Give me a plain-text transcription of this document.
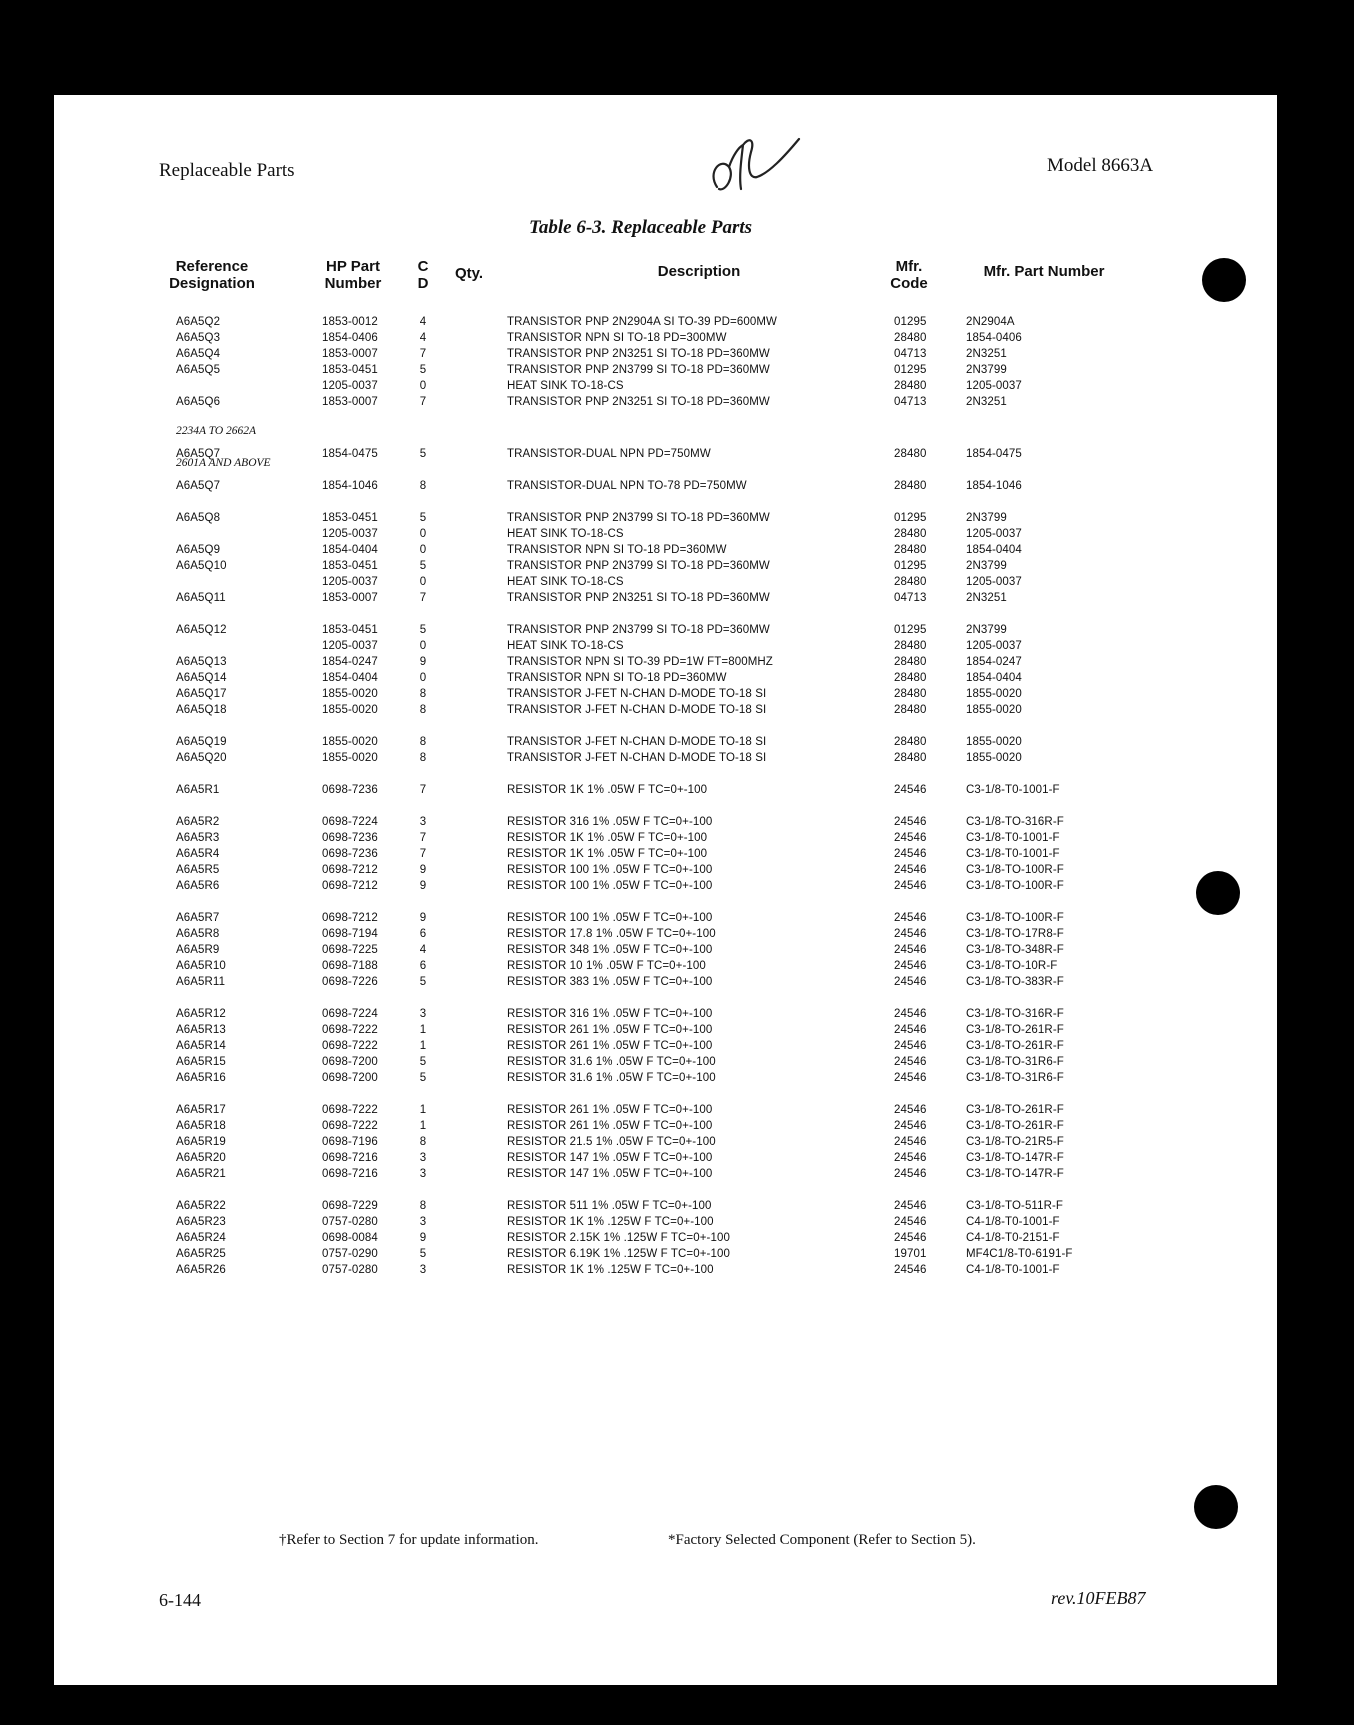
Replaceable Parts	Model 8663A
Table 6-3. Replaceable Parts
Reference Designation
HP Part Number
C D
Qty.	Description	Mfr. Code
Mfr. Part Number
2234A TO 2662A
2601A AND ABOVE
A6A5Q2	1853-0012	4	TRANSISTOR PNP 2N2904A SI TO-39 PD=600MW	01295	2N2904A
A6A5Q3	1854-0406	4	TRANSISTOR NPN SI TO-18 PD=300MW	28480	1854-0406
A6A5Q4	1853-0007	7	TRANSISTOR PNP 2N3251 SI TO-18 PD=360MW	04713	2N3251
A6A5Q5	1853-0451	5	TRANSISTOR PNP 2N3799 SI TO-18 PD=360MW	01295	2N3799
1205-0037	0	HEAT SINK TO-18-CS	28480	1205-0037
A6A5Q6	1853-0007	7	TRANSISTOR PNP 2N3251 SI TO-18 PD=360MW	04713	2N3251
A6A5Q7	1854-0475	5	TRANSISTOR-DUAL NPN PD=750MW	28480	1854-0475
A6A5Q7	1854-1046	8	TRANSISTOR-DUAL NPN TO-78 PD=750MW	28480	1854-1046
A6A5Q8	1853-0451	5	TRANSISTOR PNP 2N3799 SI TO-18 PD=360MW	01295	2N3799
1205-0037	0	HEAT SINK TO-18-CS	28480	1205-0037
A6A5Q9	1854-0404	0	TRANSISTOR NPN SI TO-18 PD=360MW	28480	1854-0404
A6A5Q10	1853-0451	5	TRANSISTOR PNP 2N3799 SI TO-18 PD=360MW	01295	2N3799
1205-0037	0	HEAT SINK TO-18-CS	28480	1205-0037
A6A5Q11	1853-0007	7	TRANSISTOR PNP 2N3251 SI TO-18 PD=360MW	04713	2N3251
A6A5Q12	1853-0451	5	TRANSISTOR PNP 2N3799 SI TO-18 PD=360MW	01295	2N3799
1205-0037	0	HEAT SINK TO-18-CS	28480	1205-0037
A6A5Q13	1854-0247	9	TRANSISTOR NPN SI TO-39 PD=1W FT=800MHZ	28480	1854-0247
A6A5Q14	1854-0404	0	TRANSISTOR NPN SI TO-18 PD=360MW	28480	1854-0404
A6A5Q17	1855-0020	8	TRANSISTOR J-FET N-CHAN D-MODE TO-18 SI	28480	1855-0020
A6A5Q18	1855-0020	8	TRANSISTOR J-FET N-CHAN D-MODE TO-18 SI	28480	1855-0020
A6A5Q19	1855-0020	8	TRANSISTOR J-FET N-CHAN D-MODE TO-18 SI	28480	1855-0020
A6A5Q20	1855-0020	8	TRANSISTOR J-FET N-CHAN D-MODE TO-18 SI	28480	1855-0020
A6A5R1	0698-7236	7	RESISTOR 1K 1% .05W F TC=0+-100	24546	C3-1/8-T0-1001-F
A6A5R2	0698-7224	3	RESISTOR 316 1% .05W F TC=0+-100	24546	C3-1/8-TO-316R-F
A6A5R3	0698-7236	7	RESISTOR 1K 1% .05W F TC=0+-100	24546	C3-1/8-T0-1001-F
A6A5R4	0698-7236	7	RESISTOR 1K 1% .05W F TC=0+-100	24546	C3-1/8-T0-1001-F
A6A5R5	0698-7212	9	RESISTOR 100 1% .05W F TC=0+-100	24546	C3-1/8-TO-100R-F
A6A5R6	0698-7212	9	RESISTOR 100 1% .05W F TC=0+-100	24546	C3-1/8-TO-100R-F
A6A5R7	0698-7212	9	RESISTOR 100 1% .05W F TC=0+-100	24546	C3-1/8-TO-100R-F
A6A5R8	0698-7194	6	RESISTOR 17.8 1% .05W F TC=0+-100	24546	C3-1/8-TO-17R8-F
A6A5R9	0698-7225	4	RESISTOR 348 1% .05W F TC=0+-100	24546	C3-1/8-TO-348R-F
A6A5R10	0698-7188	6	RESISTOR 10 1% .05W F TC=0+-100	24546	C3-1/8-TO-10R-F
A6A5R11	0698-7226	5	RESISTOR 383 1% .05W F TC=0+-100	24546	C3-1/8-TO-383R-F
A6A5R12	0698-7224	3	RESISTOR 316 1% .05W F TC=0+-100	24546	C3-1/8-TO-316R-F
A6A5R13	0698-7222	1	RESISTOR 261 1% .05W F TC=0+-100	24546	C3-1/8-TO-261R-F
A6A5R14	0698-7222	1	RESISTOR 261 1% .05W F TC=0+-100	24546	C3-1/8-TO-261R-F
A6A5R15	0698-7200	5	RESISTOR 31.6 1% .05W F TC=0+-100	24546	C3-1/8-TO-31R6-F
A6A5R16	0698-7200	5	RESISTOR 31.6 1% .05W F TC=0+-100	24546	C3-1/8-TO-31R6-F
A6A5R17	0698-7222	1	RESISTOR 261 1% .05W F TC=0+-100	24546	C3-1/8-TO-261R-F
A6A5R18	0698-7222	1	RESISTOR 261 1% .05W F TC=0+-100	24546	C3-1/8-TO-261R-F
A6A5R19	0698-7196	8	RESISTOR 21.5 1% .05W F TC=0+-100	24546	C3-1/8-TO-21R5-F
A6A5R20	0698-7216	3	RESISTOR 147 1% .05W F TC=0+-100	24546	C3-1/8-TO-147R-F
A6A5R21	0698-7216	3	RESISTOR 147 1% .05W F TC=0+-100	24546	C3-1/8-TO-147R-F
A6A5R22	0698-7229	8	RESISTOR 511 1% .05W F TC=0+-100	24546	C3-1/8-TO-511R-F
A6A5R23	0757-0280	3	RESISTOR 1K 1% .125W F TC=0+-100	24546	C4-1/8-T0-1001-F
A6A5R24	0698-0084	9	RESISTOR 2.15K 1% .125W F TC=0+-100	24546	C4-1/8-T0-2151-F
A6A5R25	0757-0290	5	RESISTOR 6.19K 1% .125W F TC=0+-100	19701	MF4C1/8-T0-6191-F
A6A5R26	0757-0280	3	RESISTOR 1K 1% .125W F TC=0+-100	24546	C4-1/8-T0-1001-F
†Refer to Section 7 for update information.	*Factory Selected Component (Refer to Section 5).
6-144	rev.10FEB87
